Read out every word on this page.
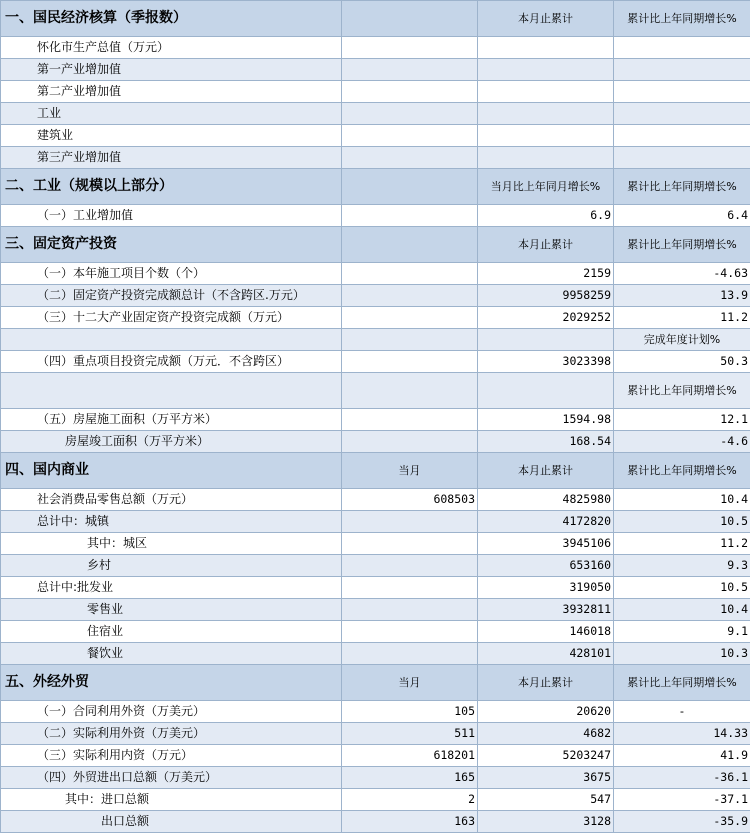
一、国民经济核算（季报数）		本月止累计	累计比上年同期增长%
怀化市生产总值（万元）			
第一产业增加值			
第二产业增加值			
工业			
建筑业			
第三产业增加值			
二、工业（规模以上部分）		当月比上年同月增长%	累计比上年同期增长%
（一）工业增加值		6.9	6.4
三、固定资产投资		本月止累计	累计比上年同期增长%
（一）本年施工项目个数（个）		2159	-4.63
（二）固定资产投资完成额总计（不含跨区.万元）		9958259	13.9
（三）十二大产业固定资产投资完成额（万元）		2029252	11.2
			完成年度计划%
（四）重点项目投资完成额（万元．不含跨区）		3023398	50.3
			累计比上年同期增长%
（五）房屋施工面积（万平方米）		1594.98	12.1
房屋竣工面积（万平方米）		168.54	-4.6
四、国内商业	当月	本月止累计	累计比上年同期增长%
社会消费品零售总额（万元）	608503	4825980	10.4
总计中：城镇		4172820	10.5
其中：城区		3945106	11.2
乡村		653160	9.3
总计中:批发业		319050	10.5
零售业		3932811	10.4
住宿业		146018	9.1
餐饮业		428101	10.3
五、外经外贸	当月	本月止累计	累计比上年同期增长%
（一）合同利用外资（万美元）	105	20620	-
（二）实际利用外资（万美元）	511	4682	14.33
（三）实际利用内资（万元）	618201	5203247	41.9
（四）外贸进出口总额（万美元）	165	3675	-36.1
其中：进口总额	2	547	-37.1
出口总额	163	3128	-35.9
